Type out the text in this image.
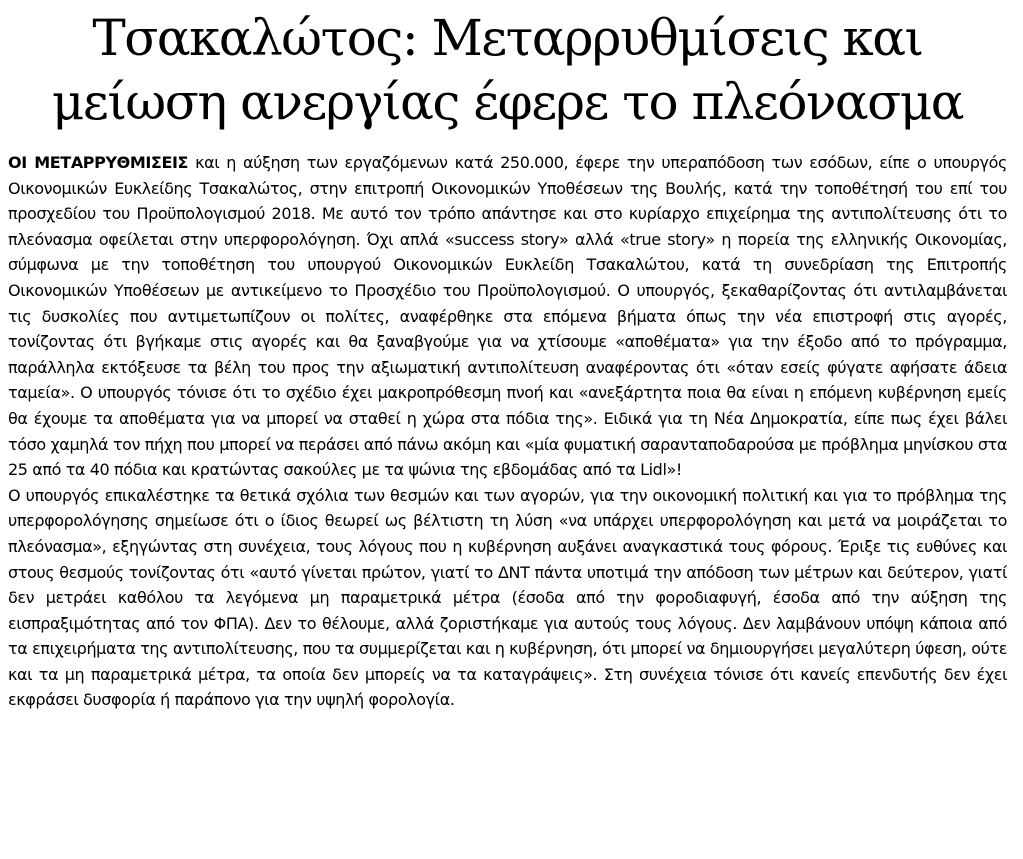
Τσακαλώτος: Μεταρρυθμίσεις και
μείωση ανεργίας έφερε το πλεόνασμα

ΟΙ ΜΕΤΑΡΡΥΘΜΙΣΕΙΣ και η αύξηση των εργαζόμενων κατά 250.000, έφερε την υπεραπόδοση των εσόδων, είπε ο υπουργός Οικονομικών Ευκλείδης Τσακαλώτος, στην επιτροπή Οικονομικών Υποθέσεων της Βουλής, κατά την τοποθέτησή του επί του προσχεδίου του Προϋπολογισμού 2018. Με αυτό τον τρόπο απάντησε και στο κυρίαρχο επιχείρημα της αντιπολίτευσης ότι το πλεόνασμα οφείλεται στην υπερφορολόγηση. Όχι απλά «success story» αλλά «true story» η πορεία της ελληνικής Οικονομίας, σύμφωνα με την τοποθέτηση του υπουργού Οικονομικών Ευκλείδη Τσακαλώτου, κατά τη συνεδρίαση της Επιτροπής Οικονομικών Υποθέσεων με αντικείμενο το Προσχέδιο του Προϋπολογισμού. Ο υπουργός, ξεκαθαρίζοντας ότι αντιλαμβάνεται τις δυσκολίες που αντιμετωπίζουν οι πολίτες, αναφέρθηκε στα επόμενα βήματα όπως την νέα επιστροφή στις αγορές, τονίζοντας ότι βγήκαμε στις αγορές και θα ξαναβγούμε για να χτίσουμε «αποθέματα» για την έξοδο από το πρόγραμμα, παράλληλα εκτόξευσε τα βέλη του προς την αξιωματική αντιπολίτευση αναφέροντας ότι «όταν εσείς φύγατε αφήσατε άδεια ταμεία». Ο υπουργός τόνισε ότι το σχέδιο έχει μακροπρόθεσμη πνοή και «ανεξάρτητα ποια θα είναι η επόμενη κυβέρνηση εμείς θα έχουμε τα αποθέματα για να μπορεί να σταθεί η χώρα στα πόδια της». Ειδικά για τη Νέα Δημοκρατία, είπε πως έχει βάλει τόσο χαμηλά τον πήχη που μπορεί να περάσει από πάνω ακόμη και «μία φυματική σαρανταποδαρούσα με πρόβλημα μηνίσκου στα 25 από τα 40 πόδια και κρατώντας σακούλες με τα ψώνια της εβδομάδας από τα Lidl»!

Ο υπουργός επικαλέστηκε τα θετικά σχόλια των θεσμών και των αγορών, για την οικονομική πολιτική και για το πρόβλημα της υπερφορολόγησης σημείωσε ότι ο ίδιος θεωρεί ως βέλτιστη τη λύση «να υπάρχει υπερφορολόγηση και μετά να μοιράζεται το πλεόνασμα», εξηγώντας στη συνέχεια, τους λόγους που η κυβέρνηση αυξάνει αναγκαστικά τους φόρους. Έριξε τις ευθύνες και στους θεσμούς τονίζοντας ότι «αυτό γίνεται πρώτον, γιατί το ΔΝΤ πάντα υποτιμά την απόδοση των μέτρων και δεύτερον, γιατί δεν μετράει καθόλου τα λεγόμενα μη παραμετρικά μέτρα (έσοδα από την φοροδιαφυγή, έσοδα από την αύξηση της εισπραξιμότητας από τον ΦΠΑ). Δεν το θέλουμε, αλλά ζοριστήκαμε για αυτούς τους λόγους. Δεν λαμβάνουν υπόψη κάποια από τα επιχειρήματα της αντιπολίτευσης, που τα συμμερίζεται και η κυβέρνηση, ότι μπορεί να δημιουργήσει μεγαλύτερη ύφεση, ούτε και τα μη παραμετρικά μέτρα, τα οποία δεν μπορείς να τα καταγράψεις». Στη συνέχεια τόνισε ότι κανείς επενδυτής δεν έχει εκφράσει δυσφορία ή παράπονο για την υψηλή φορολογία.
